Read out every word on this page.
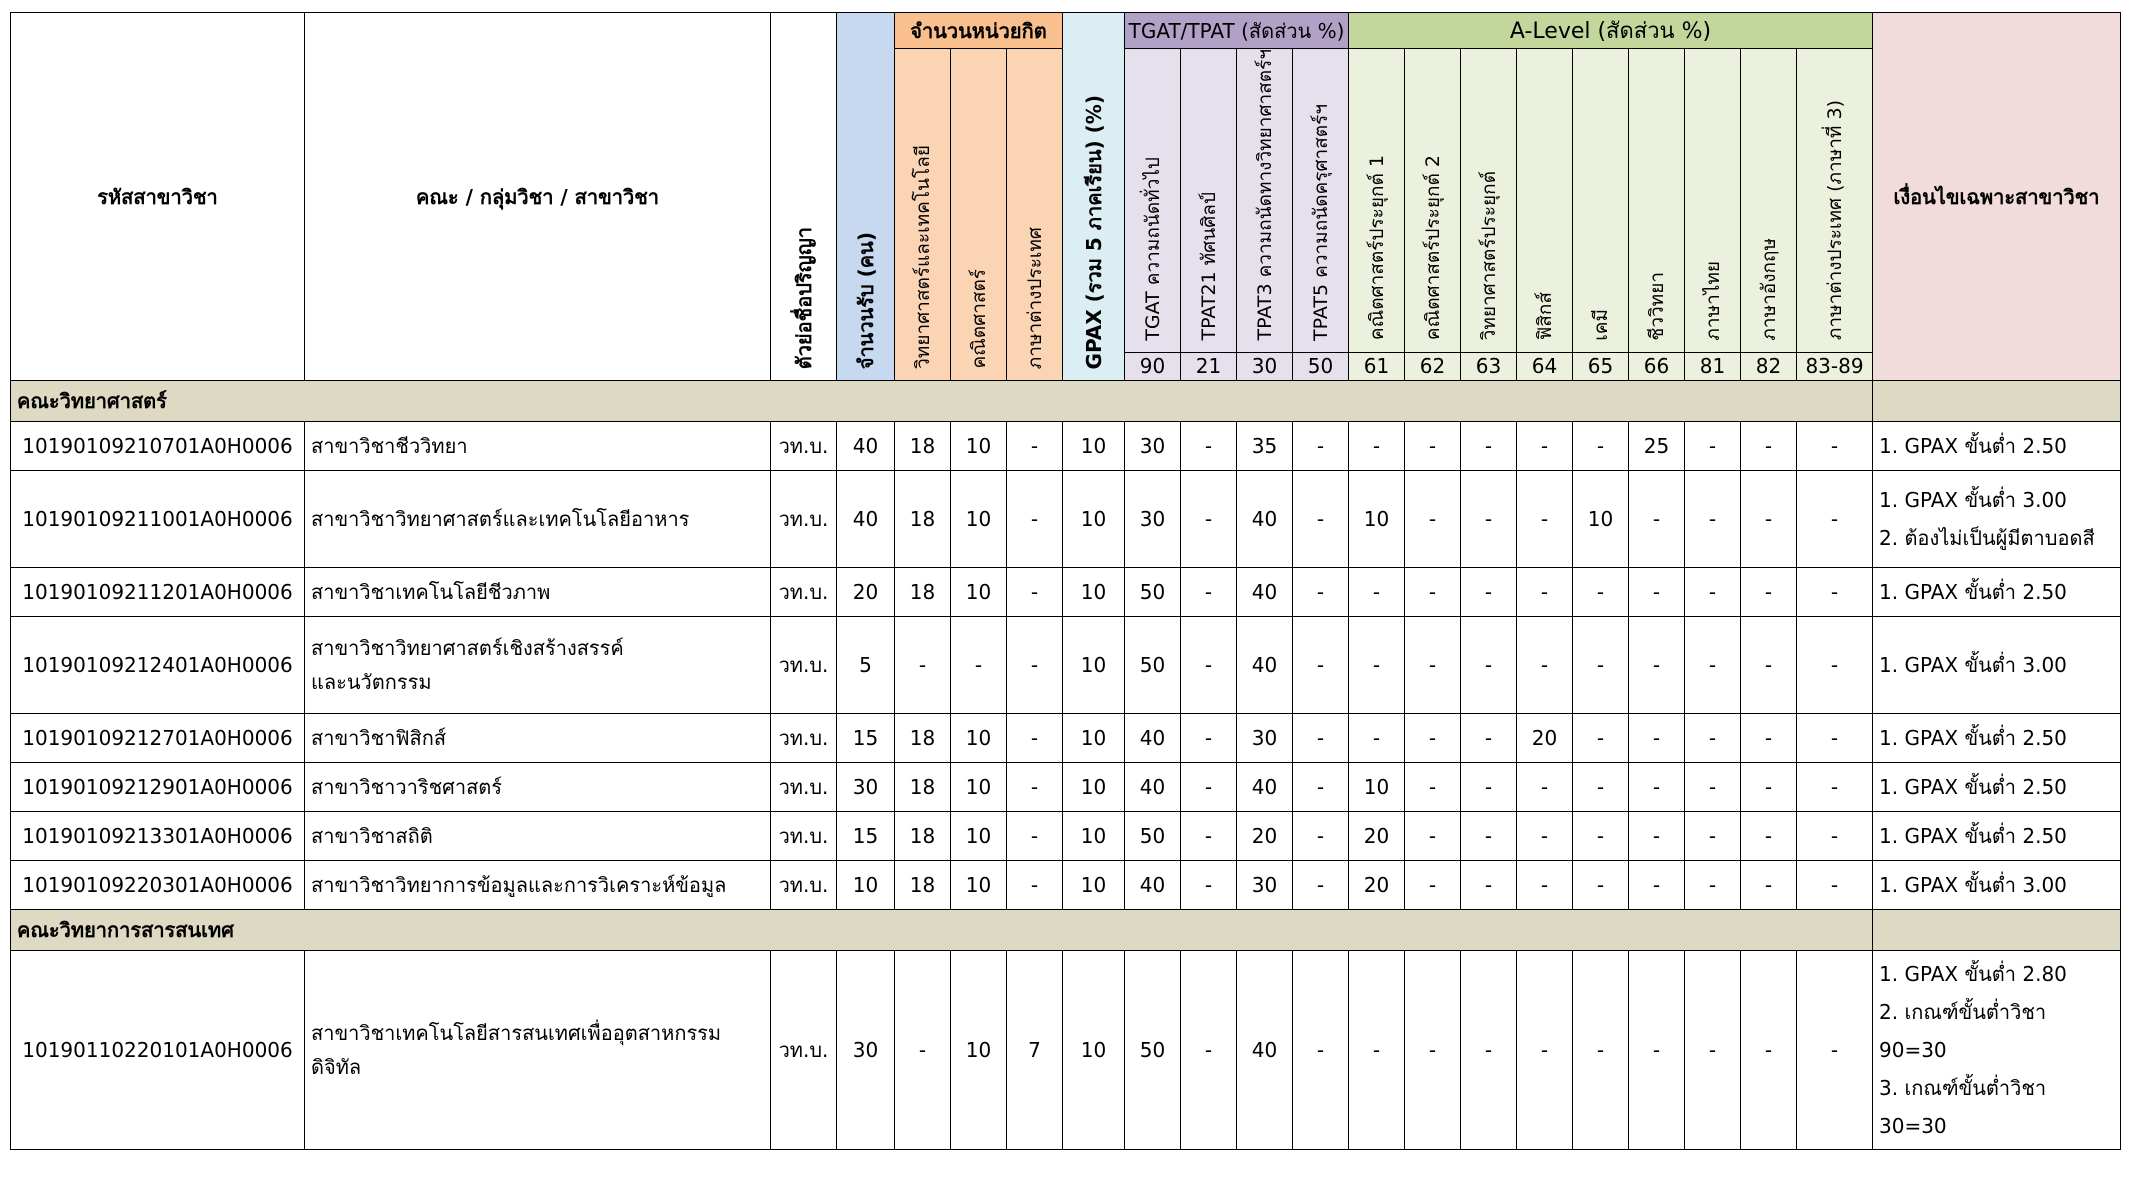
รหัสสาขาวิชา	คณะ / กลุ่มวิชา / สาขาวิชา	ตัวย่อชื่อปริญญา	จำนวนรับ (คน)	จำนวนหน่วยกิต			GPAX (รวม 5 ภาคเรียน) (%)	TGAT/TPAT (สัดส่วน %)				A-Level (สัดส่วน %)									เงื่อนไขเฉพาะสาขาวิชา
				วิทยาศาสตร์และเทคโนโลยี	คณิตศาสตร์	ภาษาต่างประเทศ		TGAT ความถนัดทั่วไป	TPAT21 ทัศนศิลป์	TPAT3 ความถนัดทางวิทยาศาสตร์ฯ	TPAT5 ความถนัดครุศาสตร์ฯ	คณิตศาสตร์ประยุกต์ 1	คณิตศาสตร์ประยุกต์ 2	วิทยาศาสตร์ประยุกต์	ฟิสิกส์	เคมี	ชีววิทยา	ภาษาไทย	ภาษาอังกฤษ	ภาษาต่างประเทศ (ภาษาที่ 3)	
								90	21	30	50	61	62	63	64	65	66	81	82	83-89	
คณะวิทยาศาสตร์																					
10190109210701A0H0006	สาขาวิชาชีววิทยา	วท.บ.	40	18	10	-	10	30	-	35	-	-	-	-	-	-	25	-	-	-	1. GPAX ขั้นต่ำ 2.50

10190109211001A0H0006	สาขาวิชาวิทยาศาสตร์และเทคโนโลยีอาหาร	วท.บ.	40	18	10	-	10	30	-	40	-	10	-	-	-	10	-	-	-	-	1. GPAX ขั้นต่ำ 3.00
2. ต้องไม่เป็นผู้มีตาบอดสี

10190109211201A0H0006	สาขาวิชาเทคโนโลยีชีวภาพ	วท.บ.	20	18	10	-	10	50	-	40	-	-	-	-	-	-	-	-	-	-	1. GPAX ขั้นต่ำ 2.50

10190109212401A0H0006	สาขาวิชาวิทยาศาสตร์เชิงสร้างสรรค์
และนวัตกรรม	วท.บ.	5	-	-	-	10	50	-	40	-	-	-	-	-	-	-	-	-	-	1. GPAX ขั้นต่ำ 3.00

10190109212701A0H0006	สาขาวิชาฟิสิกส์	วท.บ.	15	18	10	-	10	40	-	30	-	-	-	-	20	-	-	-	-	-	1. GPAX ขั้นต่ำ 2.50

10190109212901A0H0006	สาขาวิชาวาริชศาสตร์	วท.บ.	30	18	10	-	10	40	-	40	-	10	-	-	-	-	-	-	-	-	1. GPAX ขั้นต่ำ 2.50

10190109213301A0H0006	สาขาวิชาสถิติ	วท.บ.	15	18	10	-	10	50	-	20	-	20	-	-	-	-	-	-	-	-	1. GPAX ขั้นต่ำ 2.50

10190109220301A0H0006	สาขาวิชาวิทยาการข้อมูลและการวิเคราะห์ข้อมูล	วท.บ.	10	18	10	-	10	40	-	30	-	20	-	-	-	-	-	-	-	-	1. GPAX ขั้นต่ำ 3.00

คณะวิทยาการสารสนเทศ																					
10190110220101A0H0006	สาขาวิชาเทคโนโลยีสารสนเทศเพื่ออุตสาหกรรมดิจิทัล	วท.บ.	30	-	10	7	10	50	-	40	-	-	-	-	-	-	-	-	-	-	1. GPAX ขั้นต่ำ 2.80
2. เกณฑ์ขั้นต่ำวิชา
90=30
3. เกณฑ์ขั้นต่ำวิชา
30=30
